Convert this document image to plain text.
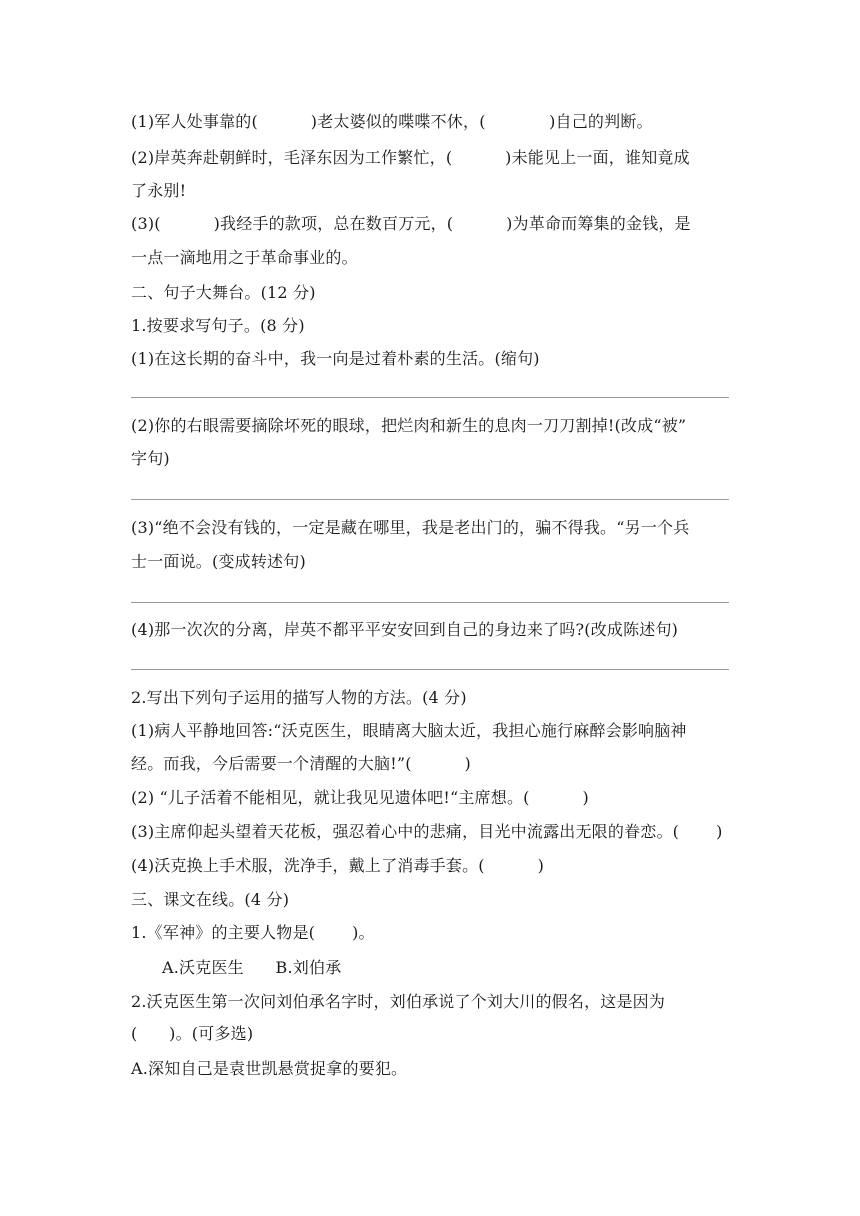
(1)军人处事靠的(          )老太婆似的喋喋不休，(            )自己的判断。
(2)岸英奔赴朝鲜时，毛泽东因为工作繁忙，(          )未能见上一面，谁知竟成
了永别!
(3)(          )我经手的款项，总在数百万元，(          )为革命而筹集的金钱，是
一点一滴地用之于革命事业的。
二、句子大舞台。(12 分)
1.按要求写句子。(8 分)
(1)在这长期的奋斗中，我一向是过着朴素的生活。(缩句)
(2)你的右眼需要摘除坏死的眼球，把烂肉和新生的息肉一刀刀割掉!(改成“被”
字句)
(3)“绝不会没有钱的，一定是藏在哪里，我是老出门的，骗不得我。“另一个兵
士一面说。(变成转述句)
(4)那一次次的分离，岸英不都平平安安回到自己的身边来了吗?(改成陈述句)
2.写出下列句子运用的描写人物的方法。(4 分)
(1)病人平静地回答:“沃克医生，眼睛离大脑太近，我担心施行麻醉会影响脑神
经。而我，今后需要一个清醒的大脑!”(          )
(2) “儿子活着不能相见，就让我见见遗体吧!“主席想。(          )
(3)主席仰起头望着天花板，强忍着心中的悲痛，目光中流露出无限的眷恋。(       )
(4)沃克换上手术服，洗净手，戴上了消毒手套。(          )
三、课文在线。(4 分)
1.《军神》的主要人物是(       )。
A.沃克医生      B.刘伯承
2.沃克医生第一次问刘伯承名字时，刘伯承说了个刘大川的假名，这是因为
(      )。(可多选)
A.深知自己是袁世凯悬赏捉拿的要犯。
